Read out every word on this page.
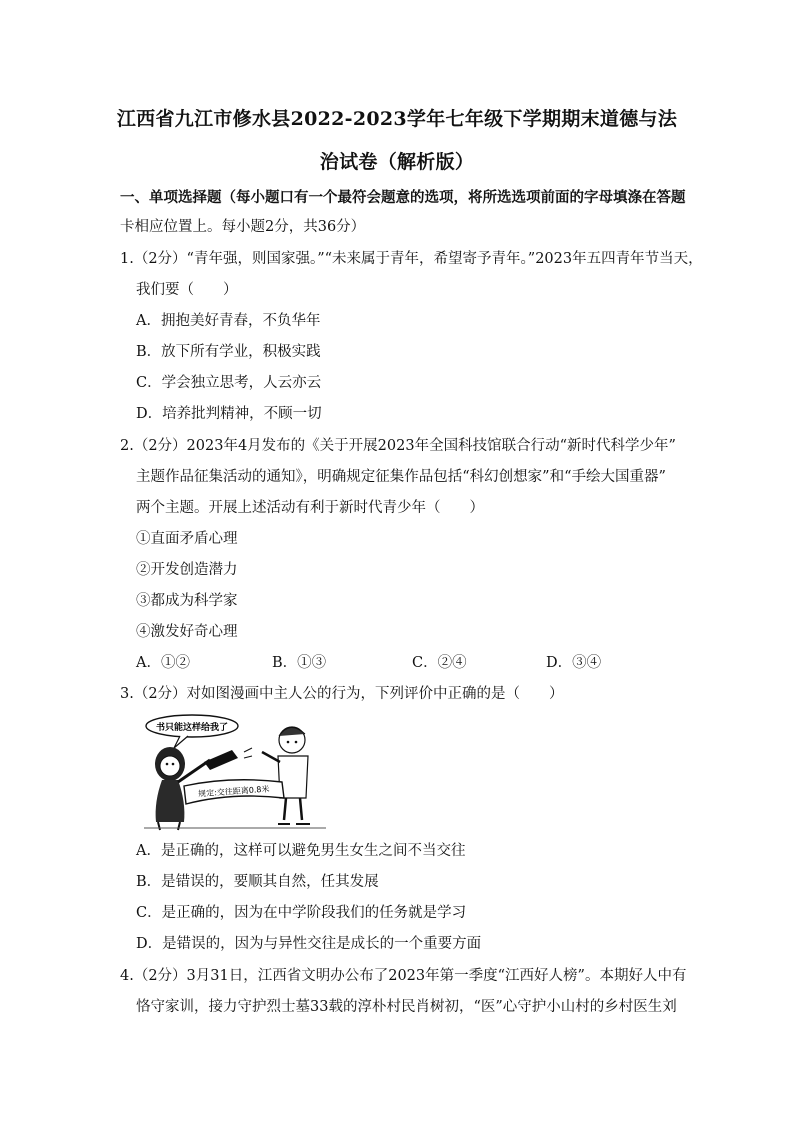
江西省九江市修水县2022-2023学年七年级下学期期末道德与法
治试卷（解析版）
一、单项选择题（每小题口有一个最符会题意的选项，将所选选项前面的字母填涤在答题
卡相应位置上。每小题2分，共36分）
1.（2分）“青年强，则国家强。”“未来属于青年，希望寄予青年。”2023年五四青年节当天，
我们要（　　）
A．拥抱美好青春，不负华年
B．放下所有学业，积极实践
C．学会独立思考，人云亦云
D．培养批判精神，不顾一切
2.（2分）2023年4月发布的《关于开展2023年全国科技馆联合行动“新时代科学少年”
主题作品征集活动的通知》，明确规定征集作品包括“科幻创想家”和“手绘大国重器”
两个主题。开展上述活动有利于新时代青少年（　　）
①直面矛盾心理
②开发创造潜力
③都成为科学家
④激发好奇心理
A．①②	B．①③	C．②④	D．③④
3.（2分）对如图漫画中主人公的行为，下列评价中正确的是（　　）
书只能这样给我了
规定:交往距离0.8米
A．是正确的，这样可以避免男生女生之间不当交往
B．是错误的，要顺其自然，任其发展
C．是正确的，因为在中学阶段我们的任务就是学习
D．是错误的，因为与异性交往是成长的一个重要方面
4.（2分）3月31日，江西省文明办公布了2023年第一季度“江西好人榜”。本期好人中有
恪守家训，接力守护烈士墓33载的淳朴村民肖树初，“医”心守护小山村的乡村医生刘
